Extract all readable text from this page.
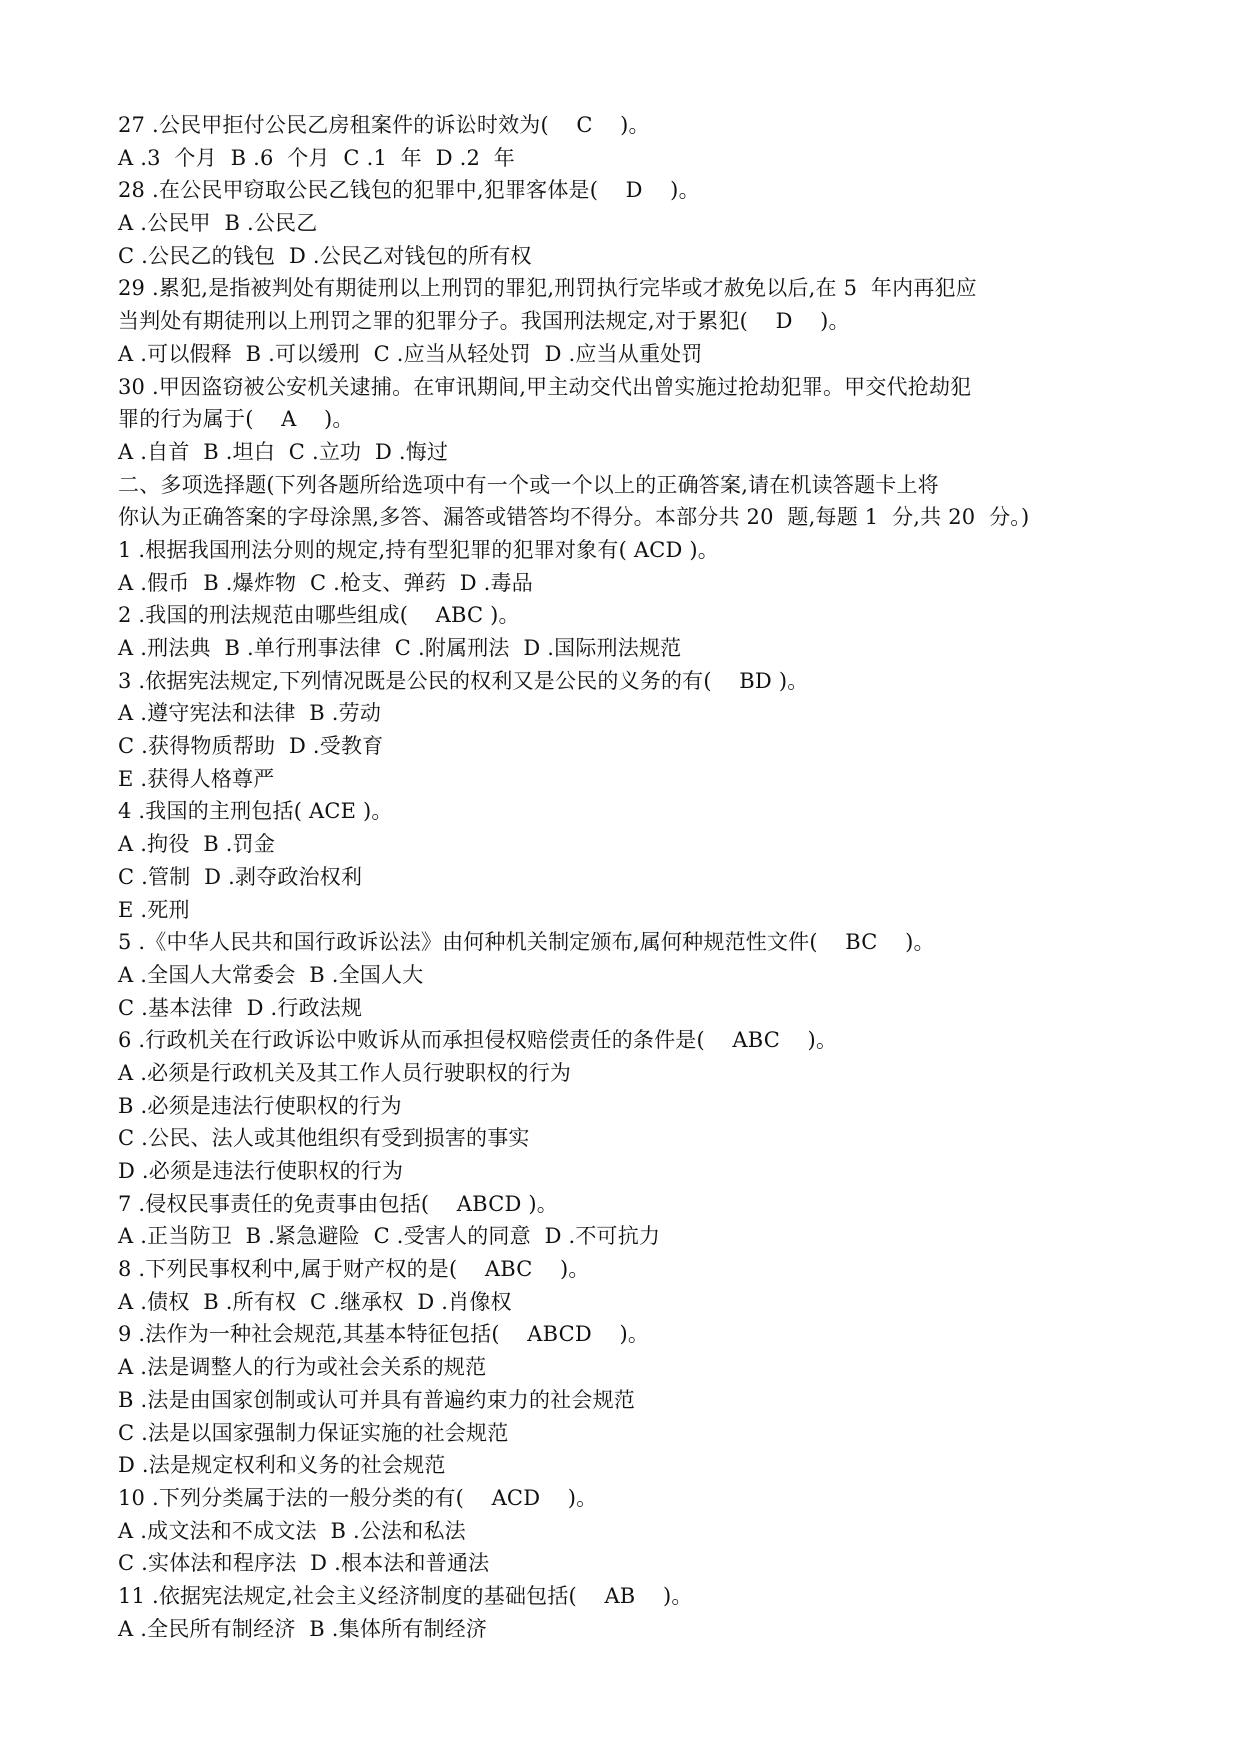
27 .公民甲拒付公民乙房租案件的诉讼时效为(    C    )。
A .3  个月  B .6  个月  C .1  年  D .2  年
28 .在公民甲窃取公民乙钱包的犯罪中,犯罪客体是(    D    )。
A .公民甲  B .公民乙
C .公民乙的钱包  D .公民乙对钱包的所有权
29 .累犯,是指被判处有期徒刑以上刑罚的罪犯,刑罚执行完毕或才赦免以后,在 5  年内再犯应
当判处有期徒刑以上刑罚之罪的犯罪分子。我国刑法规定,对于累犯(    D    )。
A .可以假释  B .可以缓刑  C .应当从轻处罚  D .应当从重处罚
30 .甲因盗窃被公安机关逮捕。在审讯期间,甲主动交代出曾实施过抢劫犯罪。甲交代抢劫犯
罪的行为属于(    A    )。
A .自首  B .坦白  C .立功  D .悔过
二、多项选择题(下列各题所给选项中有一个或一个以上的正确答案,请在机读答题卡上将
你认为正确答案的字母涂黑,多答、漏答或错答均不得分。本部分共 20  题,每题 1  分,共 20  分。)
1 .根据我国刑法分则的规定,持有型犯罪的犯罪对象有( ACD )。
A .假币  B .爆炸物  C .枪支、弹药  D .毒品
2 .我国的刑法规范由哪些组成(    ABC )。
A .刑法典  B .单行刑事法律  C .附属刑法  D .国际刑法规范
3 .依据宪法规定,下列情况既是公民的权利又是公民的义务的有(    BD )。
A .遵守宪法和法律  B .劳动
C .获得物质帮助  D .受教育
E .获得人格尊严
4 .我国的主刑包括( ACE )。
A .拘役  B .罚金
C .管制  D .剥夺政治权利
E .死刑
5 .《中华人民共和国行政诉讼法》由何种机关制定颁布,属何种规范性文件(    BC    )。
A .全国人大常委会  B .全国人大
C .基本法律  D .行政法规
6 .行政机关在行政诉讼中败诉从而承担侵权赔偿责任的条件是(    ABC    )。
A .必须是行政机关及其工作人员行驶职权的行为
B .必须是违法行使职权的行为
C .公民、法人或其他组织有受到损害的事实
D .必须是违法行使职权的行为
7 .侵权民事责任的免责事由包括(    ABCD )。
A .正当防卫  B .紧急避险  C .受害人的同意  D .不可抗力
8 .下列民事权利中,属于财产权的是(    ABC    )。
A .债权  B .所有权  C .继承权  D .肖像权
9 .法作为一种社会规范,其基本特征包括(    ABCD    )。
A .法是调整人的行为或社会关系的规范
B .法是由国家创制或认可并具有普遍约束力的社会规范
C .法是以国家强制力保证实施的社会规范
D .法是规定权利和义务的社会规范
10 .下列分类属于法的一般分类的有(    ACD    )。
A .成文法和不成文法  B .公法和私法
C .实体法和程序法  D .根本法和普通法
11 .依据宪法规定,社会主义经济制度的基础包括(    AB    )。
A .全民所有制经济  B .集体所有制经济
